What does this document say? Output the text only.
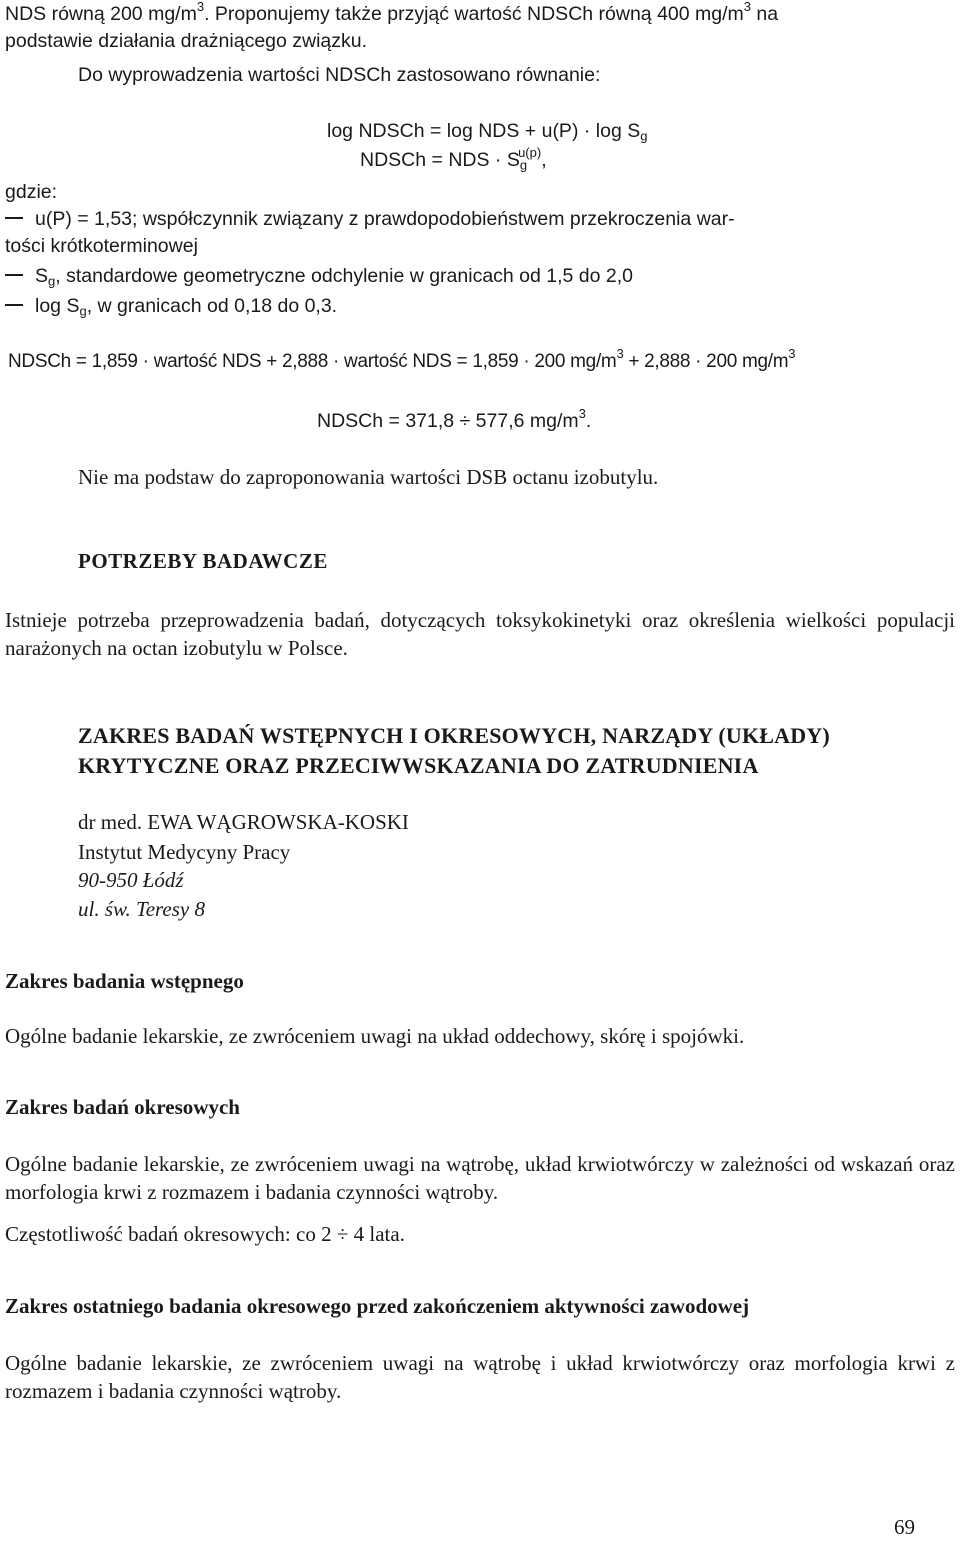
NDS równą 200 $mg/m^3$. Proponujemy także przyjąć wartość NDSCh równą 400 $mg/m^3$ na
podstawie działania drażniącego związku.
Do wyprowadzenia wartości NDSCh zastosowano równanie:
log NDSCh = log NDS + $u(P) \cdot \log S_g$
NDSCh = NDS · $S_g^{u(p)}$,
gdzie:
u(P) = 1,53; współczynnik związany z prawdopodobieństwem przekroczenia war-
tości krótkoterminowej
$S_g$, standardowe geometryczne odchylenie w granicach od 1,5 do 2,0
$\log S_g$, w granicach od 0,18 do 0,3.
NDSCh = 1,859 · wartość NDS + 2,888 · wartość NDS = 1,859 · 200 $mg/m^3 + 2,888 \cdot 200$ $mg/m^3$
NDSCh = 371,8 ÷ 577,6 $mg/m^3$.
Nie ma podstaw do zaproponowania wartości DSB octanu izobutylu.
POTRZEBY BADAWCZE
Istnieje potrzeba przeprowadzenia badań, dotyczących toksykokinetyki oraz określenia wielkości populacji narażonych na octan izobutylu w Polsce.
ZAKRES BADAŃ WSTĘPNYCH I OKRESOWYCH, NARZĄDY (UKŁADY)
KRYTYCZNE ORAZ PRZECIWWSKAZANIA DO ZATRUDNIENIA
dr med. EWA WĄGROWSKA-KOSKI
Instytut Medycyny Pracy
90-950 Łódź
ul. św. Teresy 8
Zakres badania wstępnego
Ogólne badanie lekarskie, ze zwróceniem uwagi na układ oddechowy, skórę i spojówki.
Zakres badań okresowych
Ogólne badanie lekarskie, ze zwróceniem uwagi na wątrobę, układ krwiotwórczy w zależności od wskazań oraz morfologia krwi z rozmazem i badania czynności wątroby.
Częstotliwość badań okresowych: co 2 ÷ 4 lata.
Zakres ostatniego badania okresowego przed zakończeniem aktywności zawodowej
Ogólne badanie lekarskie, ze zwróceniem uwagi na wątrobę i układ krwiotwórczy oraz morfologia krwi z rozmazem i badania czynności wątroby.
69
